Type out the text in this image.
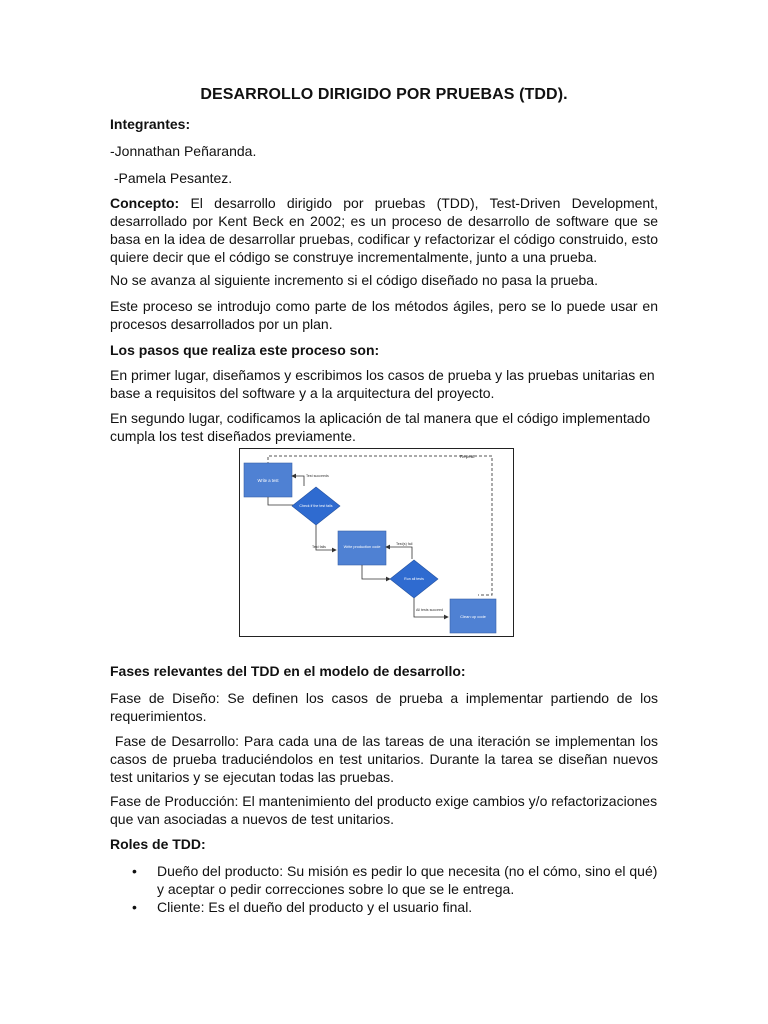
DESARROLLO DIRIGIDO POR PRUEBAS (TDD).

Integrantes:

-Jonnathan Peñaranda.

-Pamela Pesantez.

Concepto: El desarrollo dirigido por pruebas (TDD), Test-Driven Development, desarrollado por Kent Beck en 2002; es un proceso de desarrollo de software que se basa en la idea de desarrollar pruebas, codificar y refactorizar el código construido, esto quiere decir que el código se construye incrementalmente, junto a una prueba.

No se avanza al siguiente incremento si el código diseñado no pasa la prueba.

Este proceso se introdujo como parte de los métodos ágiles, pero se lo puede usar en procesos desarrollados por un plan.

Los pasos que realiza este proceso son:

En primer lugar, diseñamos y escribimos los casos de prueba y las pruebas unitarias en base a requisitos del software y a la arquitectura del proyecto.

En segundo lugar, codificamos la aplicación de tal manera que el código implementado cumpla los test diseñados previamente.

Repeat
Write a test
Test succeeds
Check if the test fails
Test fails	Write production code
Test(s) fail
Run all tests
All tests succeed
Clean up code

Fases relevantes del TDD en el modelo de desarrollo:

Fase de Diseño: Se definen los casos de prueba a implementar partiendo de los requerimientos.

Fase de Desarrollo: Para cada una de las tareas de una iteración se implementan los casos de prueba traduciéndolos en test unitarios. Durante la tarea se diseñan nuevos test unitarios y se ejecutan todas las pruebas.

Fase de Producción: El mantenimiento del producto exige cambios y/o refactorizaciones que van asociadas a nuevos de test unitarios.

Roles de TDD:

• Dueño del producto: Su misión es pedir lo que necesita (no el cómo, sino el qué) y aceptar o pedir correcciones sobre lo que se le entrega.
• Cliente: Es el dueño del producto y el usuario final.
